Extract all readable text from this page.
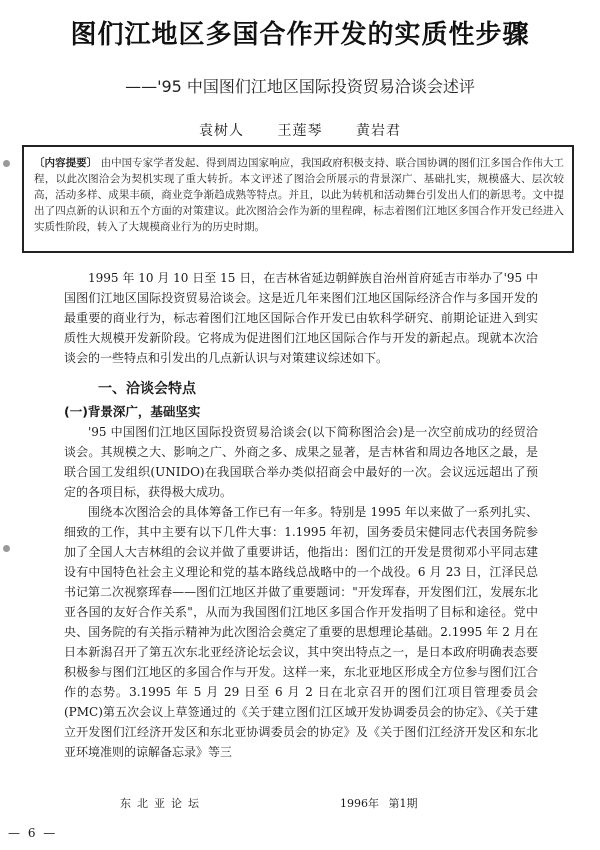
图们江地区多国合作开发的实质性步骤
——'95 中国图们江地区国际投资贸易洽谈会述评
袁树人 王莲琴 黄岩君
〔内容提要〕 由中国专家学者发起、得到周边国家响应，我国政府积极支持、联合国协调的图们江多国合作伟大工程，以此次图洽会为契机实现了重大转折。本文评述了图洽会所展示的背景深广、基础扎实，规模盛大、层次较高，活动多样、成果丰硕，商业竞争渐趋成熟等特点。并且，以此为转机和活动舞台引发出人们的新思考。文中提出了四点新的认识和五个方面的对策建议。此次图洽会作为新的里程碑，标志着图们江地区多国合作开发已经进入实质性阶段，转入了大规模商业行为的历史时期。

1995 年 10 月 10 日至 15 日，在吉林省延边朝鲜族自治州首府延吉市举办了'95 中国图们江地区国际投资贸易洽谈会。这是近几年来图们江地区国际经济合作与多国开发的最重要的商业行为，标志着图们江地区国际合作开发已由软科学研究、前期论证进入到实质性大规模开发新阶段。它将成为促进图们江地区国际合作与开发的新起点。现就本次洽谈会的一些特点和引发出的几点新认识与对策建议综述如下。

一、洽谈会特点
(一)背景深广，基础坚实

'95 中国图们江地区国际投资贸易洽谈会(以下简称图洽会)是一次空前成功的经贸洽谈会。其规模之大、影响之广、外商之多、成果之显著，是吉林省和周边各地区之最，是联合国工发组织(UNIDO)在我国联合举办类似招商会中最好的一次。会议远远超出了预定的各项目标，获得极大成功。

围绕本次图洽会的具体筹备工作已有一年多。特别是 1995 年以来做了一系列扎实、细致的工作，其中主要有以下几件大事：1.1995 年初，国务委员宋健同志代表国务院参加了全国人大吉林组的会议并做了重要讲话，他指出：图们江的开发是贯彻邓小平同志建设有中国特色社会主义理论和党的基本路线总战略中的一个战役。6 月 23 日，江泽民总书记第二次视察珲春——图们江地区并做了重要题词："开发珲春，开发图们江，发展东北亚各国的友好合作关系"，从而为我国图们江地区多国合作开发指明了目标和途径。党中央、国务院的有关指示精神为此次图洽会奠定了重要的思想理论基础。2.1995 年 2 月在日本新潟召开了第五次东北亚经济论坛会议，其中突出特点之一，是日本政府明确表态要积极参与图们江地区的多国合作与开发。这样一来，东北亚地区形成全方位参与图们江合作的态势。3.1995 年 5 月 29 日至 6 月 2 日在北京召开的图们江项目管理委员会(PMC)第五次会议上草签通过的《关于建立图们江区域开发协调委员会的协定》、《关于建立开发图们江经济开发区和东北亚协调委员会的协定》及《关于图们江经济开发区和东北亚环境准则的谅解备忘录》等三

东北亚论坛	1996年 第1期
— 6 —
